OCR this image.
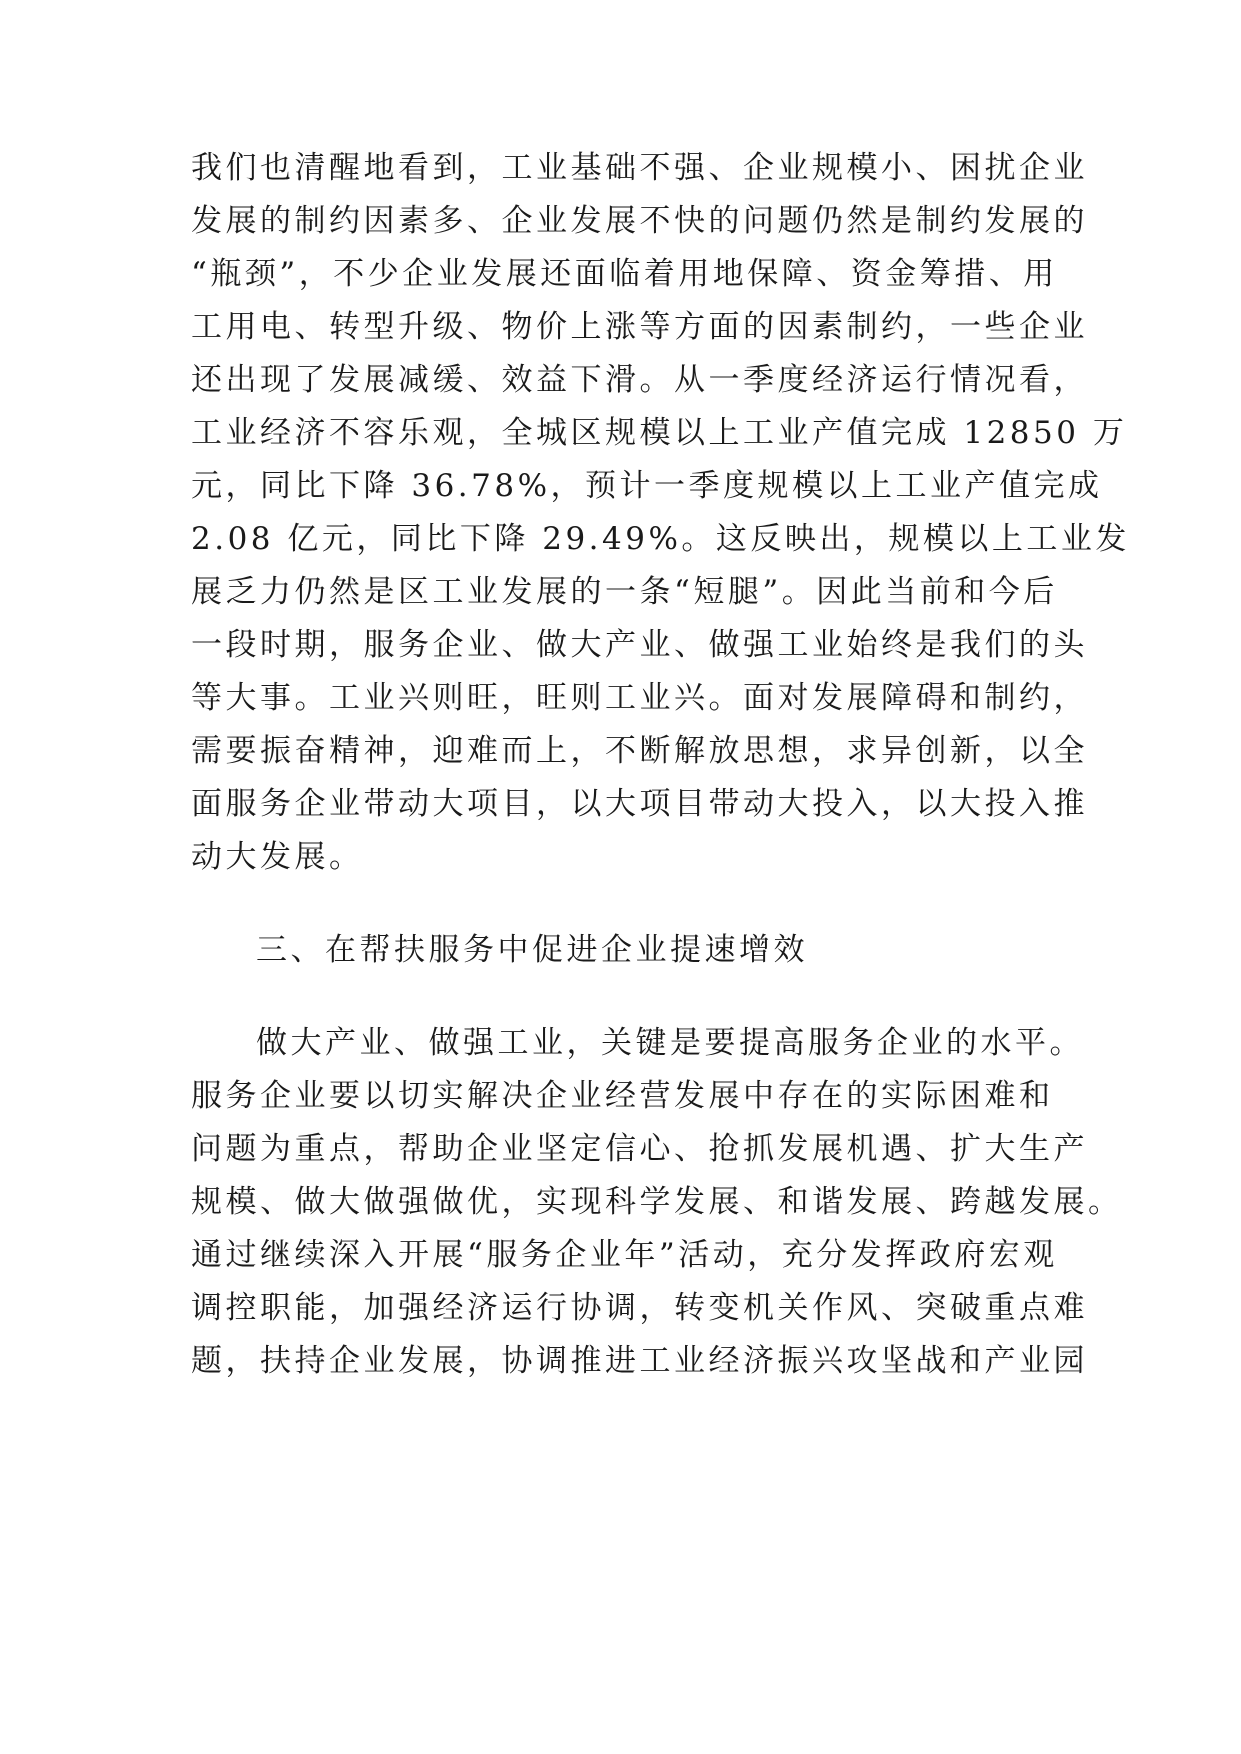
我们也清醒地看到，工业基础不强、企业规模小、困扰企业

发展的制约因素多、企业发展不快的问题仍然是制约发展的

“瓶颈”，不少企业发展还面临着用地保障、资金筹措、用

工用电、转型升级、物价上涨等方面的因素制约，一些企业

还出现了发展减缓、效益下滑。从一季度经济运行情况看，

工业经济不容乐观，全城区规模以上工业产值完成 12850 万

元，同比下降 36.78%，预计一季度规模以上工业产值完成

2.08 亿元，同比下降 29.49%。这反映出，规模以上工业发

展乏力仍然是区工业发展的一条“短腿”。因此当前和今后

一段时期，服务企业、做大产业、做强工业始终是我们的头

等大事。工业兴则旺，旺则工业兴。面对发展障碍和制约，

需要振奋精神，迎难而上，不断解放思想，求异创新，以全

面服务企业带动大项目，以大项目带动大投入，以大投入推

动大发展。

三、在帮扶服务中促进企业提速增效

做大产业、做强工业，关键是要提高服务企业的水平。

服务企业要以切实解决企业经营发展中存在的实际困难和

问题为重点，帮助企业坚定信心、抢抓发展机遇、扩大生产

规模、做大做强做优，实现科学发展、和谐发展、跨越发展。

通过继续深入开展“服务企业年”活动，充分发挥政府宏观

调控职能，加强经济运行协调，转变机关作风、突破重点难

题，扶持企业发展，协调推进工业经济振兴攻坚战和产业园
